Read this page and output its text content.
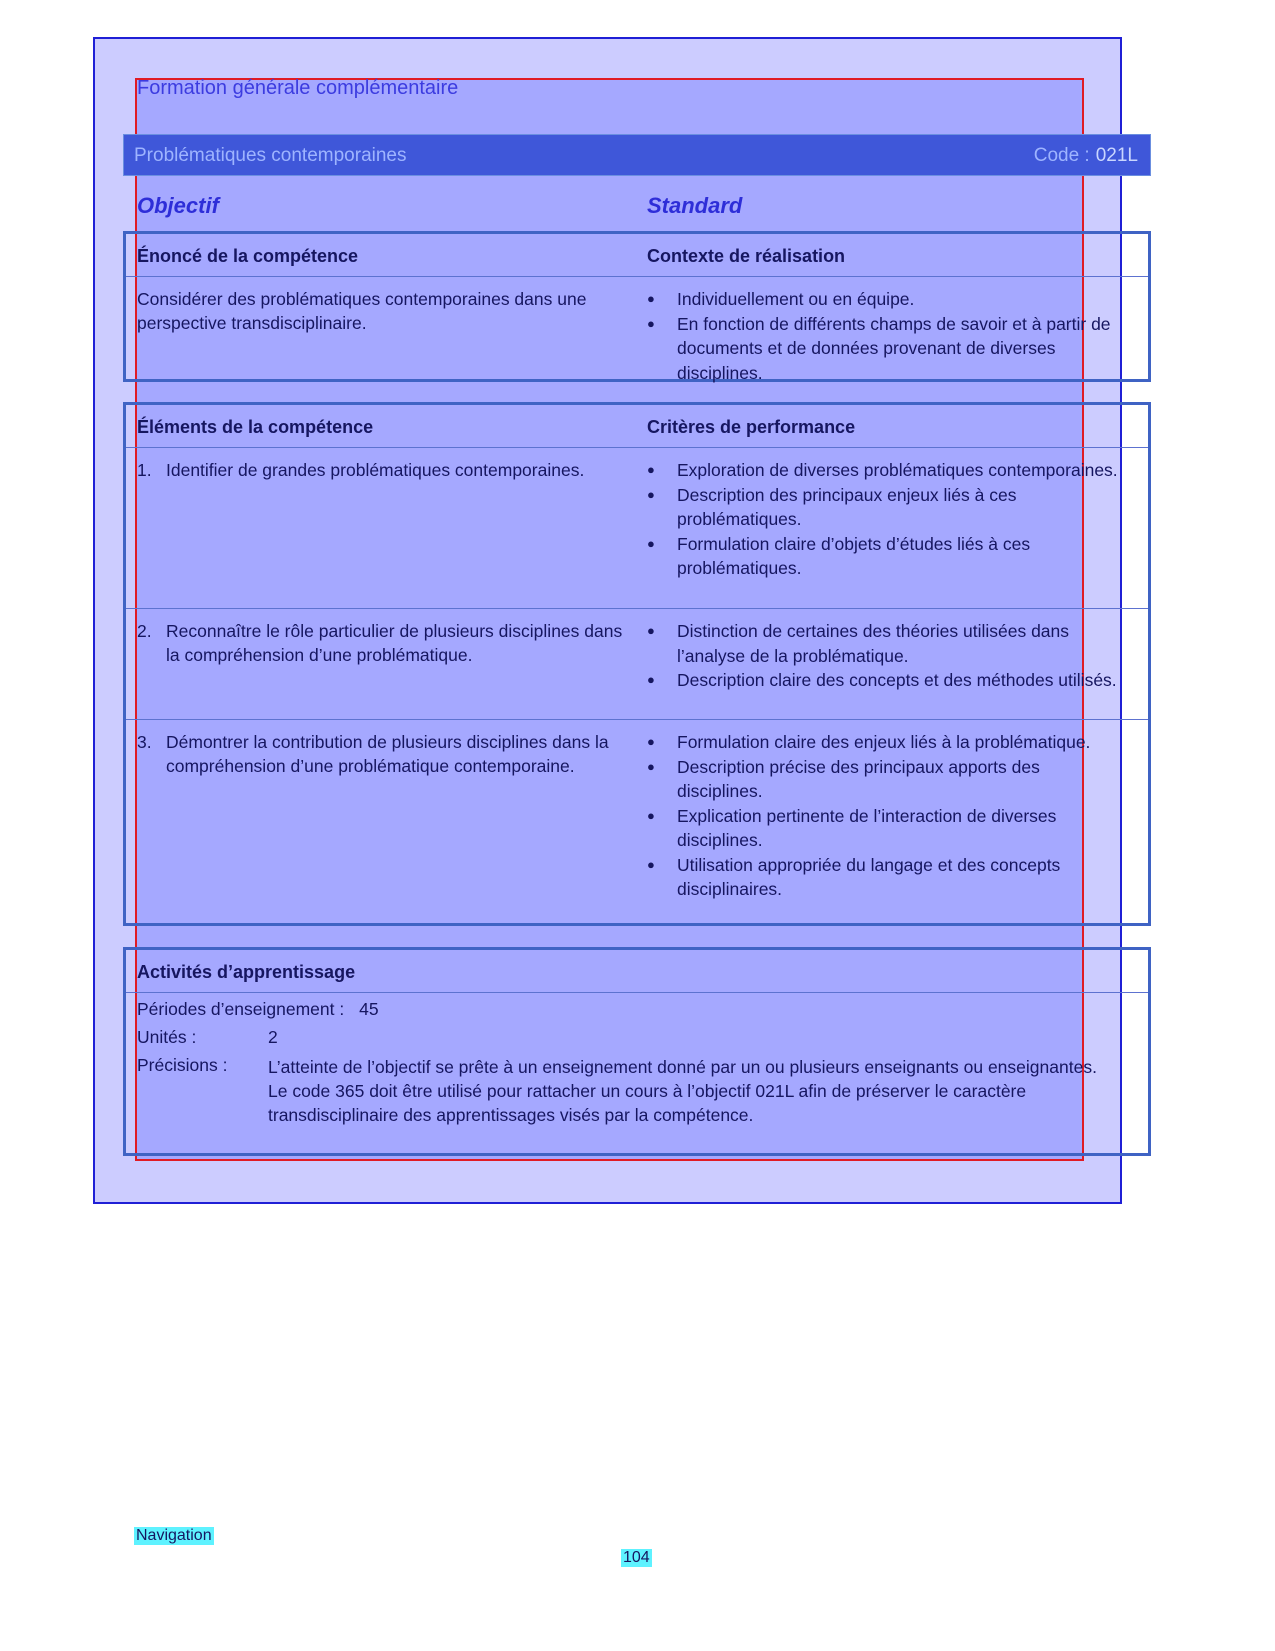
Formation générale complémentaire
Problématiques contemporaines	Code : 021L
Objectif	Standard
Énoncé de la compétence	Contexte de réalisation
Considérer des problématiques contemporaines dans une perspective transdisciplinaire.
● Individuellement ou en équipe.
● En fonction de différents champs de savoir et à partir de documents et de données provenant de diverses disciplines.
Éléments de la compétence	Critères de performance
1. Identifier de grandes problématiques contemporaines.
●	Exploration de diverses problématiques contemporaines.
● Description des principaux enjeux liés à ces problématiques.
● Formulation claire d’objets d’études liés à ces problématiques.
2. Reconnaître le rôle particulier de plusieurs disciplines dans la compréhension d’une problématique.
● Distinction de certaines des théories utilisées dans l’analyse de la problématique.
● Description claire des concepts et des méthodes utilisés.
3. Démontrer la contribution de plusieurs disciplines dans la compréhension d’une problématique contemporaine.
● Formulation claire des enjeux liés à la problématique.
● Description précise des principaux apports des disciplines.
● Explication pertinente de l’interaction de diverses disciplines.
● Utilisation appropriée du langage et des concepts disciplinaires.
Activités d’apprentissage
Périodes d’enseignement : 45
Unités :	2
Précisions : L’atteinte de l’objectif se prête à un enseignement donné par un ou plusieurs enseignants ou enseignantes.
Le code 365 doit être utilisé pour rattacher un cours à l’objectif 021L afin de préserver le caractère transdisciplinaire des apprentissages visés par la compétence.
Navigation
104
